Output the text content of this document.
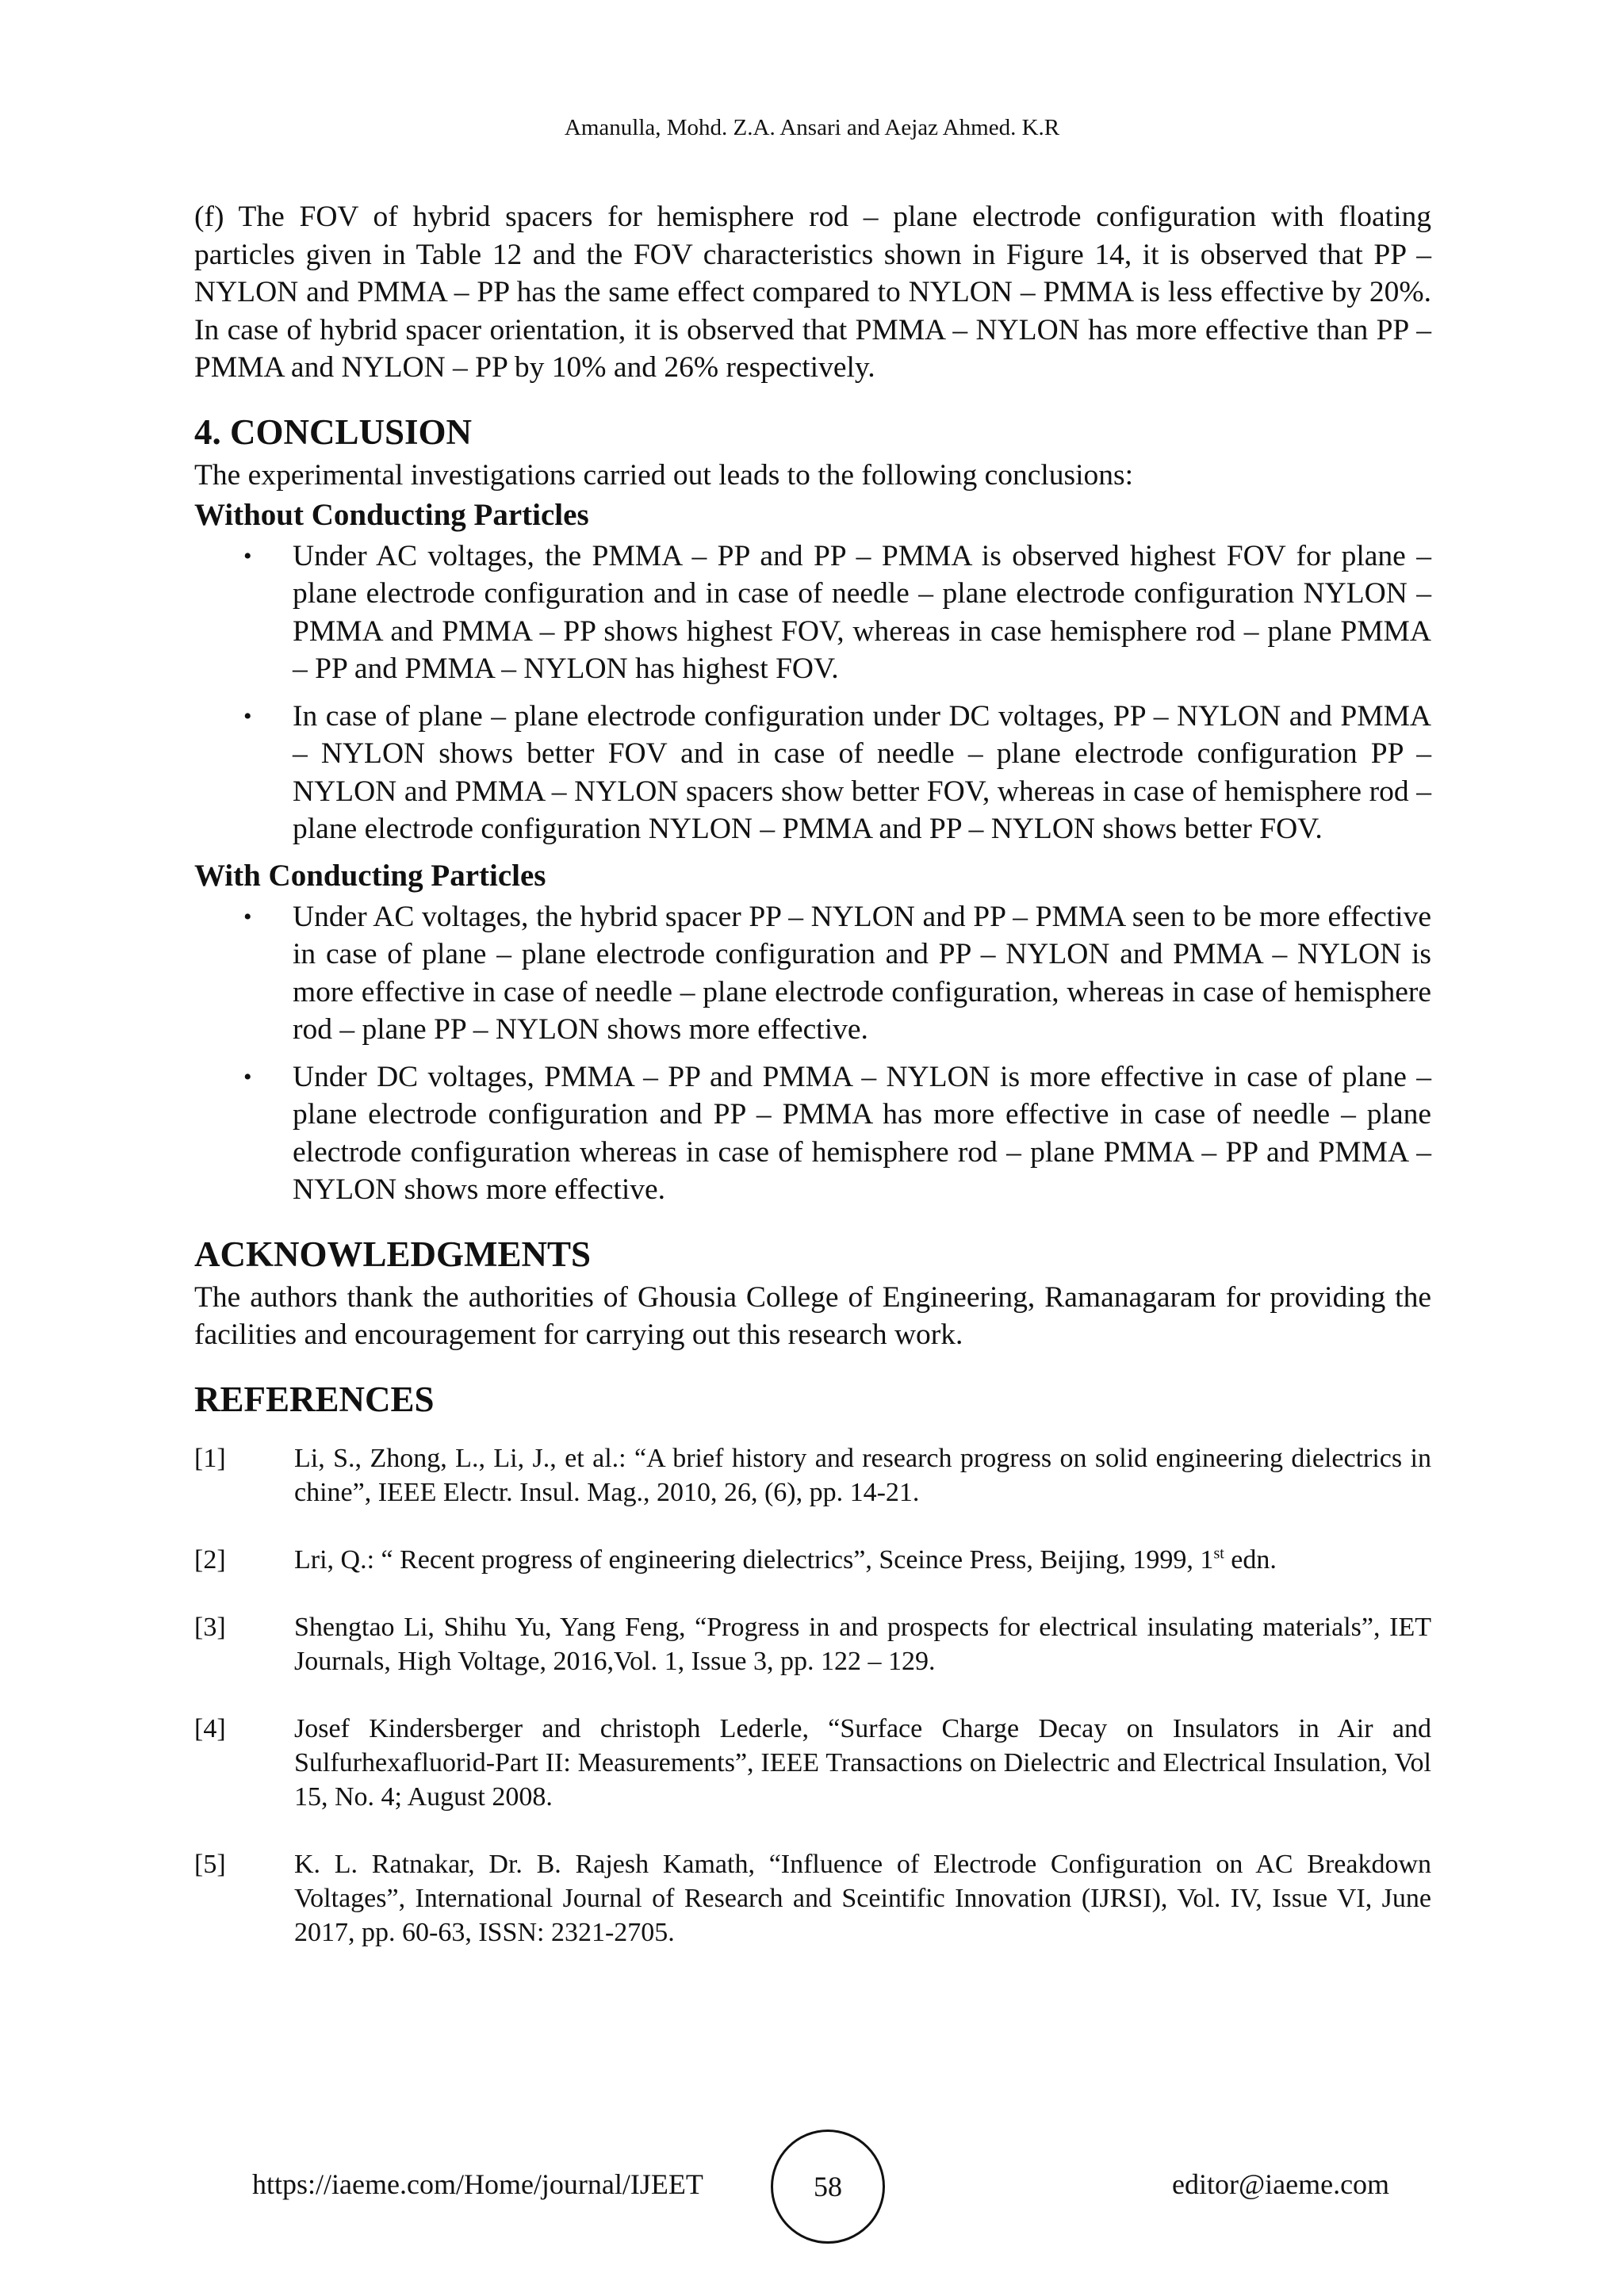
Amanulla, Mohd. Z.A. Ansari and Aejaz Ahmed. K.R

(f) The FOV of hybrid spacers for hemisphere rod – plane electrode configuration with floating particles given in Table 12 and the FOV characteristics shown in Figure 14, it is observed that PP – NYLON and PMMA – PP has the same effect compared to NYLON – PMMA is less effective by 20%. In case of hybrid spacer orientation, it is observed that PMMA – NYLON has more effective than PP – PMMA and NYLON – PP by 10% and 26% respectively.

4. CONCLUSION

The experimental investigations carried out leads to the following conclusions:

Without Conducting Particles
• Under AC voltages, the PMMA – PP and PP – PMMA is observed highest FOV for plane – plane electrode configuration and in case of needle – plane electrode configuration NYLON – PMMA and PMMA – PP shows highest FOV, whereas in case hemisphere rod – plane PMMA – PP and PMMA – NYLON has highest FOV.
• In case of plane – plane electrode configuration under DC voltages, PP – NYLON and PMMA – NYLON shows better FOV and in case of needle – plane electrode configuration PP – NYLON and PMMA – NYLON spacers show better FOV, whereas in case of hemisphere rod – plane electrode configuration NYLON – PMMA and PP – NYLON shows better FOV.
With Conducting Particles
• Under AC voltages, the hybrid spacer PP – NYLON and PP – PMMA seen to be more effective in case of plane – plane electrode configuration and PP – NYLON and PMMA – NYLON is more effective in case of needle – plane electrode configuration, whereas in case of hemisphere rod – plane PP – NYLON shows more effective.
• Under DC voltages, PMMA – PP and PMMA – NYLON is more effective in case of plane – plane electrode configuration and PP – PMMA has more effective in case of needle – plane electrode configuration whereas in case of hemisphere rod – plane PMMA – PP and PMMA – NYLON shows more effective.
ACKNOWLEDGMENTS

The authors thank the authorities of Ghousia College of Engineering, Ramanagaram for providing the facilities and encouragement for carrying out this research work.

REFERENCES
[1]	Li, S., Zhong, L., Li, J., et al.: “A brief history and research progress on solid engineering dielectrics in chine”, IEEE Electr. Insul. Mag., 2010, 26, (6), pp. 14-21.
[2]	Lri, Q.: “ Recent progress of engineering dielectrics”, Sceince Press, Beijing, 1999, 1st edn.
[3]	Shengtao Li, Shihu Yu, Yang Feng, “Progress in and prospects for electrical insulating materials”, IET Journals, High Voltage, 2016,Vol. 1, Issue 3, pp. 122 – 129.
[4]	Josef Kindersberger and christoph Lederle, “Surface Charge Decay on Insulators in Air and Sulfurhexafluorid-Part II: Measurements”, IEEE Transactions on Dielectric and Electrical Insulation, Vol 15, No. 4; August 2008.
[5]	K. L. Ratnakar, Dr. B. Rajesh Kamath, “Influence of Electrode Configuration on AC Breakdown Voltages”, International Journal of Research and Sceintific Innovation (IJRSI), Vol. IV, Issue VI, June 2017, pp. 60-63, ISSN: 2321-2705.
https://iaeme.com/Home/journal/IJEET	58	editor@iaeme.com
